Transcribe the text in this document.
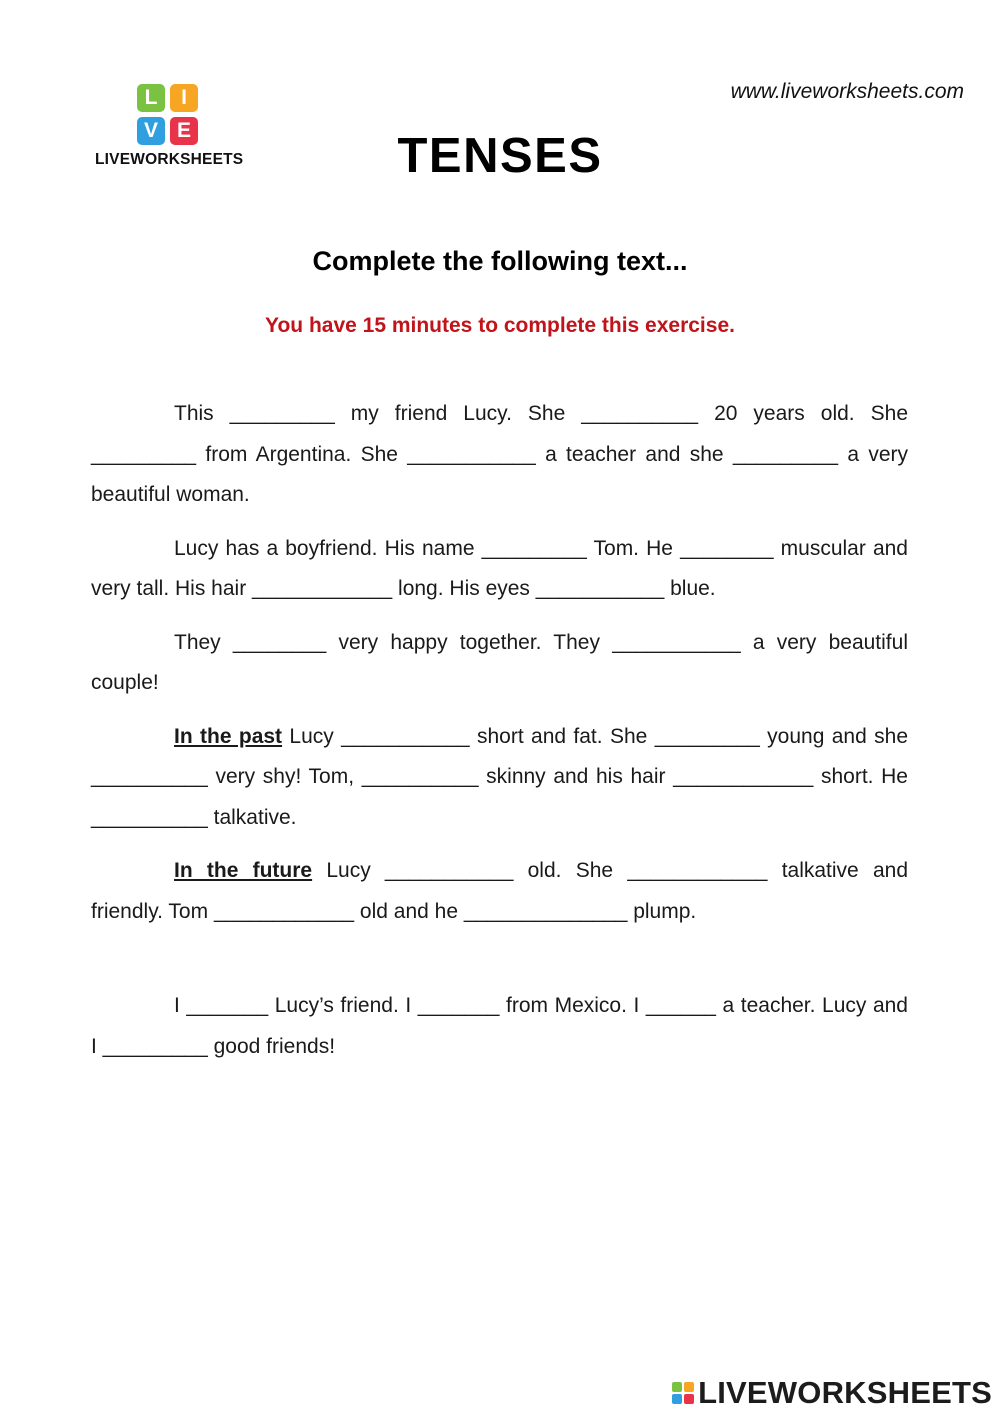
L	I
V E
LIVEWORKSHEETS
www.liveworksheets.com
TENSES
Complete the following text...
You have 15 minutes to complete this exercise.

This _________ my friend Lucy. She __________ 20 years old. She _________ from Argentina. She ___________ a teacher and she _________ a very beautiful woman.

Lucy has a boyfriend. His name _________ Tom. He ________ muscular and very tall. His hair ____________ long. His eyes ___________ blue.

They ________ very happy together. They ___________ a very beautiful couple!

In the past Lucy ___________ short and fat. She _________ young and she __________ very shy! Tom, __________ skinny and his hair ____________ short. He __________ talkative.

In the future Lucy ___________ old. She ____________ talkative and friendly. Tom ____________ old and he ______________ plump.

I _______ Lucy’s friend. I _______ from Mexico. I ______ a teacher. Lucy and I _________ good friends!

LIVEWORKSHEETS
